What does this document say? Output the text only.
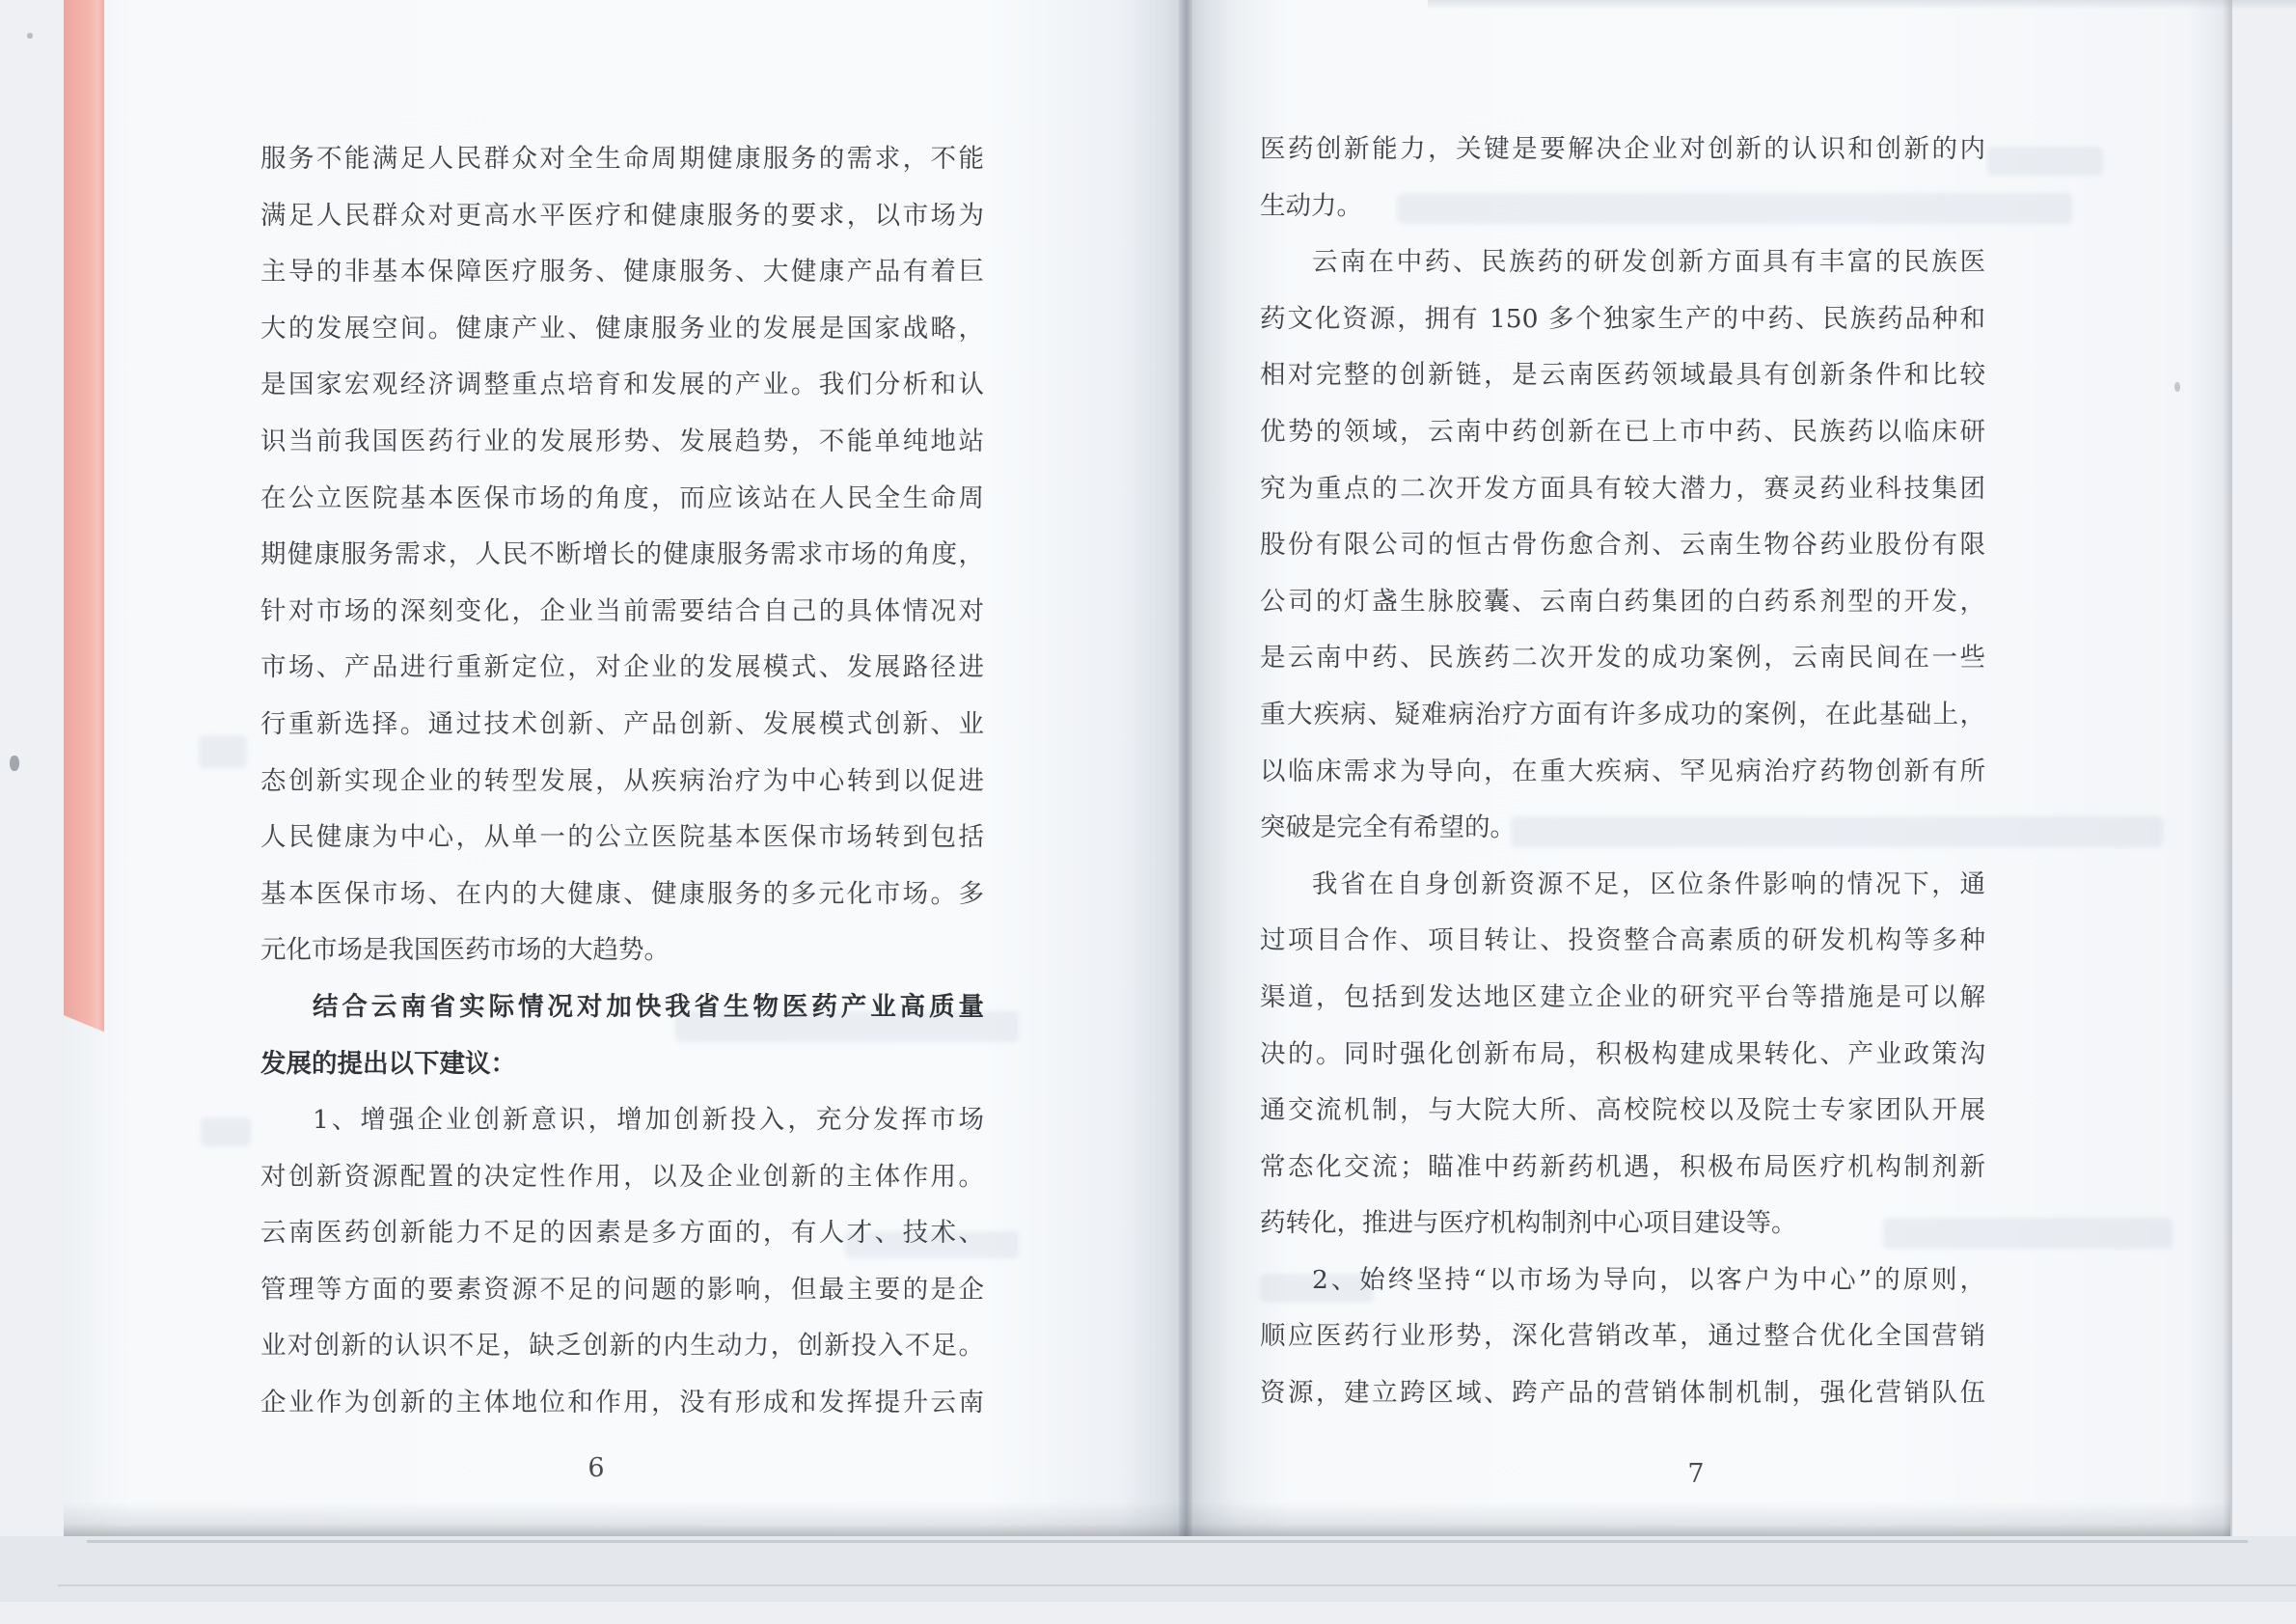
服务不能满足人民群众对全生命周期健康服务的需求，不能
满足人民群众对更高水平医疗和健康服务的要求，以市场为
主导的非基本保障医疗服务、健康服务、大健康产品有着巨
大的发展空间。健康产业、健康服务业的发展是国家战略，
是国家宏观经济调整重点培育和发展的产业。我们分析和认
识当前我国医药行业的发展形势、发展趋势，不能单纯地站
在公立医院基本医保市场的角度，而应该站在人民全生命周
期健康服务需求，人民不断增长的健康服务需求市场的角度，
针对市场的深刻变化，企业当前需要结合自己的具体情况对
市场、产品进行重新定位，对企业的发展模式、发展路径进
行重新选择。通过技术创新、产品创新、发展模式创新、业
态创新实现企业的转型发展，从疾病治疗为中心转到以促进
人民健康为中心，从单一的公立医院基本医保市场转到包括
基本医保市场、在内的大健康、健康服务的多元化市场。多
元化市场是我国医药市场的大趋势。
结合云南省实际情况对加快我省生物医药产业高质量
发展的提出以下建议：
1、增强企业创新意识，增加创新投入，充分发挥市场
对创新资源配置的决定性作用，以及企业创新的主体作用。
云南医药创新能力不足的因素是多方面的，有人才、技术、
管理等方面的要素资源不足的问题的影响，但最主要的是企
业对创新的认识不足，缺乏创新的内生动力，创新投入不足。
企业作为创新的主体地位和作用，没有形成和发挥提升云南
医药创新能力，关键是要解决企业对创新的认识和创新的内
生动力。
云南在中药、民族药的研发创新方面具有丰富的民族医
药文化资源，拥有 150 多个独家生产的中药、民族药品种和
相对完整的创新链，是云南医药领域最具有创新条件和比较
优势的领域，云南中药创新在已上市中药、民族药以临床研
究为重点的二次开发方面具有较大潜力，赛灵药业科技集团
股份有限公司的恒古骨伤愈合剂、云南生物谷药业股份有限
公司的灯盏生脉胶囊、云南白药集团的白药系剂型的开发，
是云南中药、民族药二次开发的成功案例，云南民间在一些
重大疾病、疑难病治疗方面有许多成功的案例，在此基础上，
以临床需求为导向，在重大疾病、罕见病治疗药物创新有所
突破是完全有希望的。
我省在自身创新资源不足，区位条件影响的情况下，通
过项目合作、项目转让、投资整合高素质的研发机构等多种
渠道，包括到发达地区建立企业的研究平台等措施是可以解
决的。同时强化创新布局，积极构建成果转化、产业政策沟
通交流机制，与大院大所、高校院校以及院士专家团队开展
常态化交流；瞄准中药新药机遇，积极布局医疗机构制剂新
药转化，推进与医疗机构制剂中心项目建设等。
2、始终坚持“以市场为导向，以客户为中心”的原则，
顺应医药行业形势，深化营销改革，通过整合优化全国营销
资源，建立跨区域、跨产品的营销体制机制，强化营销队伍
6	7
